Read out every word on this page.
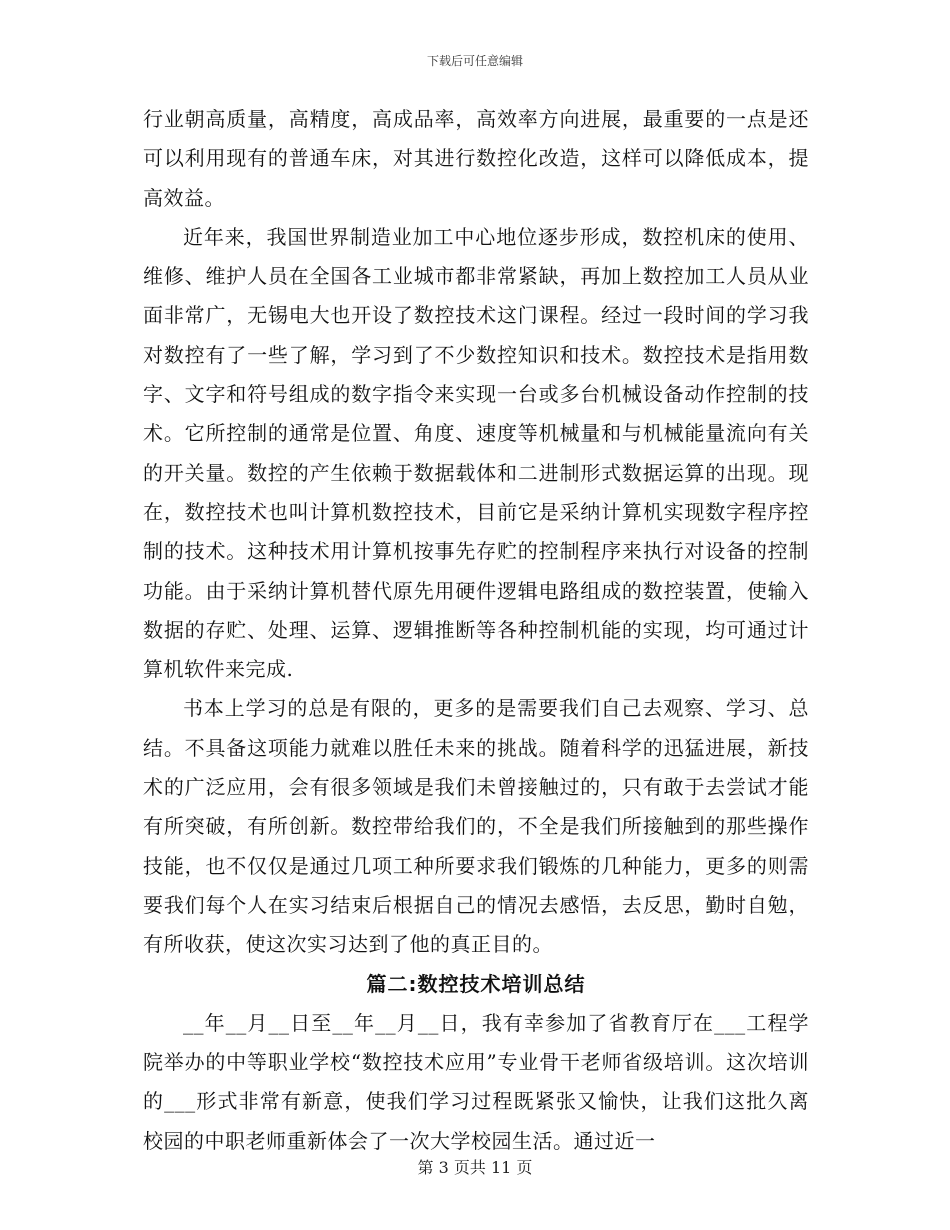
下载后可任意编辑

行业朝高质量，高精度，高成品率，高效率方向进展，最重要的一点是还可以利用现有的普通车床，对其进行数控化改造，这样可以降低成本，提高效益。

近年来，我国世界制造业加工中心地位逐步形成，数控机床的使用、维修、维护人员在全国各工业城市都非常紧缺，再加上数控加工人员从业面非常广，无锡电大也开设了数控技术这门课程。经过一段时间的学习我对数控有了一些了解，学习到了不少数控知识和技术。数控技术是指用数字、文字和符号组成的数字指令来实现一台或多台机械设备动作控制的技术。它所控制的通常是位置、角度、速度等机械量和与机械能量流向有关的开关量。数控的产生依赖于数据载体和二进制形式数据运算的出现。现在，数控技术也叫计算机数控技术，目前它是采纳计算机实现数字程序控制的技术。这种技术用计算机按事先存贮的控制程序来执行对设备的控制功能。由于采纳计算机替代原先用硬件逻辑电路组成的数控装置，使输入数据的存贮、处理、运算、逻辑推断等各种控制机能的实现，均可通过计算机软件来完成.

书本上学习的总是有限的，更多的是需要我们自己去观察、学习、总结。不具备这项能力就难以胜任未来的挑战。随着科学的迅猛进展，新技术的广泛应用，会有很多领域是我们未曾接触过的，只有敢于去尝试才能有所突破，有所创新。数控带给我们的，不全是我们所接触到的那些操作技能，也不仅仅是通过几项工种所要求我们锻炼的几种能力，更多的则需要我们每个人在实习结束后根据自己的情况去感悟，去反思，勤时自勉，有所收获，使这次实习达到了他的真正目的。

篇二:数控技术培训总结

__年__月__日至__年__月__日，我有幸参加了省教育厅在___工程学院举办的中等职业学校“数控技术应用”专业骨干老师省级培训。这次培训的___形式非常有新意，使我们学习过程既紧张又愉快，让我们这批久离校园的中职老师重新体会了一次大学校园生活。通过近一

第 3 页共 11 页
